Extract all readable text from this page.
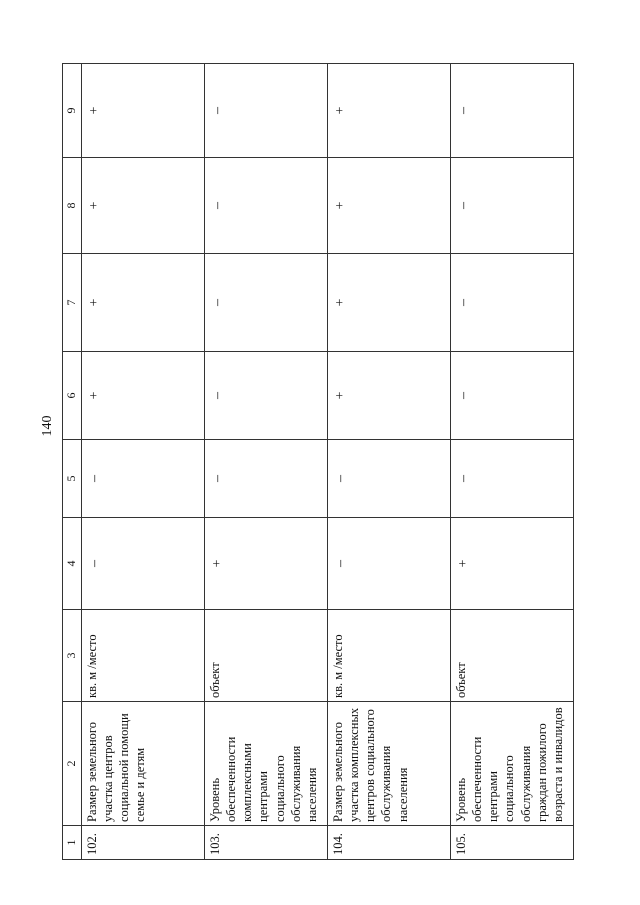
140
1	2	3	4	5	6	7	8	9
102.	Размер земельного участка центров социальной помощи семье и детям	кв. м /место	–	–	+	+	+	+
103.	Уровень обеспеченности комплексными центрами социального обслуживания населения	объект	+	–	–	–	–	–
104.	Размер земельного участка комплексных центров социального обслуживания населения	кв. м /место	–	–	+	+	+	+
105.	Уровень обеспеченности центрами социального обслуживания граждан пожилого возраста и инвалидов	объект	+	–	–	–	–	–
